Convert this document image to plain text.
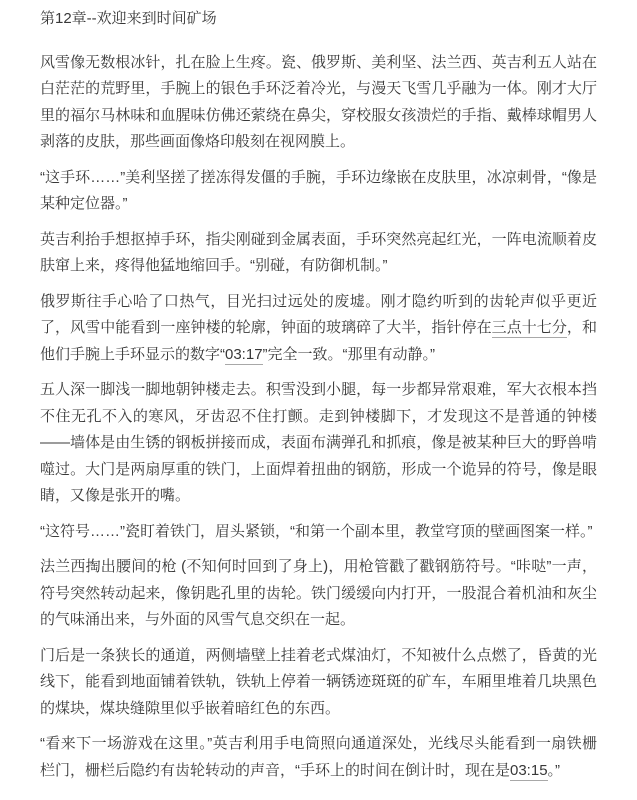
第12章--欢迎来到时间矿场

风雪像无数根冰针，扎在脸上生疼。瓷、俄罗斯、美利坚、法兰西、英吉利五人站在白茫茫的荒野里，手腕上的银色手环泛着冷光，与漫天飞雪几乎融为一体。刚才大厅里的福尔马林味和血腥味仿佛还萦绕在鼻尖，穿校服女孩溃烂的手指、戴棒球帽男人剥落的皮肤，那些画面像烙印般刻在视网膜上。

“这手环……”美利坚搓了搓冻得发僵的手腕，手环边缘嵌在皮肤里，冰凉刺骨，“像是某种定位器。”

英吉利抬手想抠掉手环，指尖刚碰到金属表面，手环突然亮起红光，一阵电流顺着皮肤窜上来，疼得他猛地缩回手。“别碰，有防御机制。”

俄罗斯往手心哈了口热气，目光扫过远处的废墟。刚才隐约听到的齿轮声似乎更近了，风雪中能看到一座钟楼的轮廓，钟面的玻璃碎了大半，指针停在三点十七分，和他们手腕上手环显示的数字“03:17”完全一致。“那里有动静。”

五人深一脚浅一脚地朝钟楼走去。积雪没到小腿，每一步都异常艰难，军大衣根本挡不住无孔不入的寒风，牙齿忍不住打颤。走到钟楼脚下，才发现这不是普通的钟楼——墙体是由生锈的钢板拼接而成，表面布满弹孔和抓痕，像是被某种巨大的野兽啃噬过。大门是两扇厚重的铁门，上面焊着扭曲的钢筋，形成一个诡异的符号，像是眼睛，又像是张开的嘴。

“这符号……”瓷盯着铁门，眉头紧锁，“和第一个副本里，教堂穹顶的壁画图案一样。”

法兰西掏出腰间的枪 (不知何时回到了身上)，用枪管戳了戳钢筋符号。“咔哒”一声，符号突然转动起来，像钥匙孔里的齿轮。铁门缓缓向内打开，一股混合着机油和灰尘的气味涌出来，与外面的风雪气息交织在一起。

门后是一条狭长的通道，两侧墙壁上挂着老式煤油灯，不知被什么点燃了，昏黄的光线下，能看到地面铺着铁轨，铁轨上停着一辆锈迹斑斑的矿车，车厢里堆着几块黑色的煤块，煤块缝隙里似乎嵌着暗红色的东西。

“看来下一场游戏在这里。”英吉利用手电筒照向通道深处，光线尽头能看到一扇铁栅栏门，栅栏后隐约有齿轮转动的声音，“手环上的时间在倒计时，现在是03:15。”
